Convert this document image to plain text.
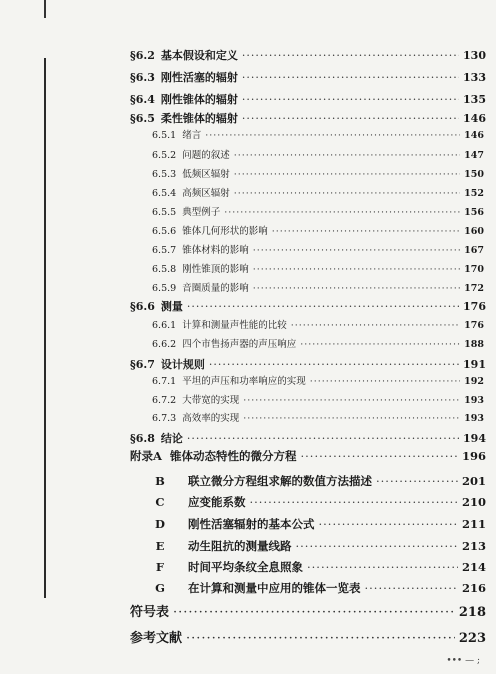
§6.2 基本假设和定义 ·····	130
§6.3 刚性活塞的辐射 ·····	133
§6.4 刚性锥体的辐射 ·····	135
§6.5 柔性锥体的辐射 ·····	146
6.5.1 绪言 ·····	146
6.5.2 问题的叙述 ·····	147
6.5.3 低频区辐射 ·····	150
6.5.4 高频区辐射 ·····	152
6.5.5 典型例子 ·····	156
6.5.6 锥体几何形状的影响 ·····	160
6.5.7 锥体材料的影响 ·····	167
6.5.8 刚性锥顶的影响 ·····	170
6.5.9 音圈质量的影响 ·····	172
§6.6 测量 ·····	176
6.6.1 计算和测量声性能的比较 ·····	176
6.6.2 四个市售扬声器的声压响应 ·····	188
§6.7 设计规则 ·····	191
6.7.1 平坦的声压和功率响应的实现 ·····	192
6.7.2 大带宽的实现 ·····	193
6.7.3 高效率的实现 ·····	193
§6.8 结论 ·····	194
附录A 锥体动态特性的微分方程 ·····	196
B	联立微分方程组求解的数值方法描述 ·····	201
C	应变能系数 ·····	210
D	刚性活塞辐射的基本公式 ·····	211
E	动生阻抗的测量线路 ·····	213
F	时间平均条纹全息照象 ·····	214
G	在计算和测量中应用的锥体一览表 ·····	216
符号表 ·····	218
参考文献 ·····	223
••• — ;
